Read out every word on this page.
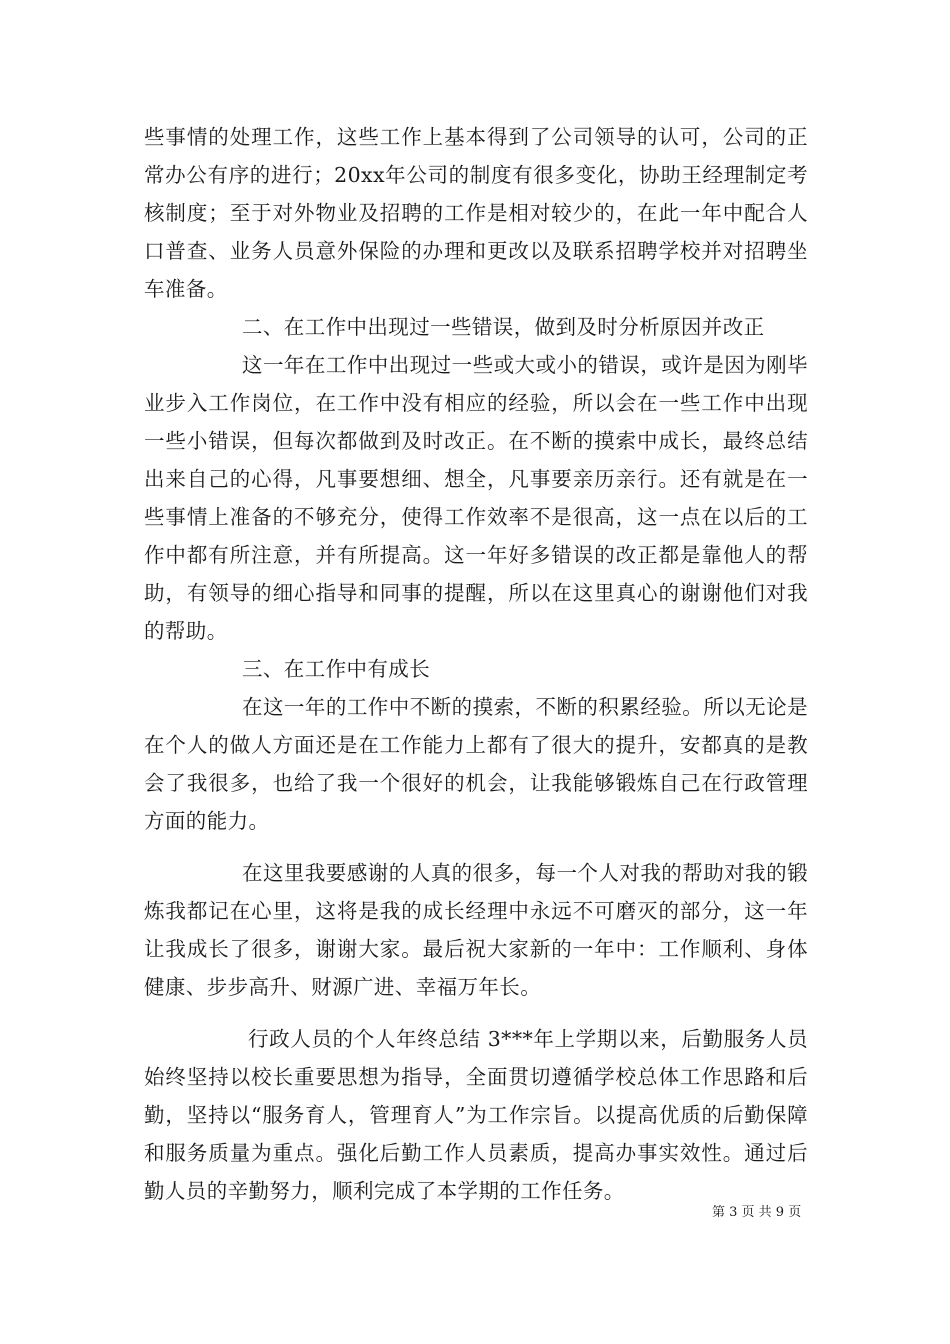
些事情的处理工作，这些工作上基本得到了公司领导的认可，公司的正常办公有序的进行；20xx年公司的制度有很多变化，协助王经理制定考核制度；至于对外物业及招聘的工作是相对较少的，在此一年中配合人口普查、业务人员意外保险的办理和更改以及联系招聘学校并对招聘坐车准备。

二、在工作中出现过一些错误，做到及时分析原因并改正

这一年在工作中出现过一些或大或小的错误，或许是因为刚毕业步入工作岗位，在工作中没有相应的经验，所以会在一些工作中出现一些小错误，但每次都做到及时改正。在不断的摸索中成长，最终总结出来自己的心得，凡事要想细、想全，凡事要亲历亲行。还有就是在一些事情上准备的不够充分，使得工作效率不是很高，这一点在以后的工作中都有所注意，并有所提高。这一年好多错误的改正都是靠他人的帮助，有领导的细心指导和同事的提醒，所以在这里真心的谢谢他们对我的帮助。

三、在工作中有成长

在这一年的工作中不断的摸索，不断的积累经验。所以无论是在个人的做人方面还是在工作能力上都有了很大的提升，安都真的是教会了我很多，也给了我一个很好的机会，让我能够锻炼自己在行政管理方面的能力。

在这里我要感谢的人真的很多，每一个人对我的帮助对我的锻炼我都记在心里，这将是我的成长经理中永远不可磨灭的部分，这一年让我成长了很多，谢谢大家。最后祝大家新的一年中：工作顺利、身体健康、步步高升、财源广进、幸福万年长。

行政人员的个人年终总结 3***年上学期以来，后勤服务人员始终坚持以校长重要思想为指导，全面贯切遵循学校总体工作思路和后勤，坚持以“服务育人，管理育人”为工作宗旨。以提高优质的后勤保障和服务质量为重点。强化后勤工作人员素质，提高办事实效性。通过后勤人员的辛勤努力，顺利完成了本学期的工作任务。

第 3 页 共 9 页
